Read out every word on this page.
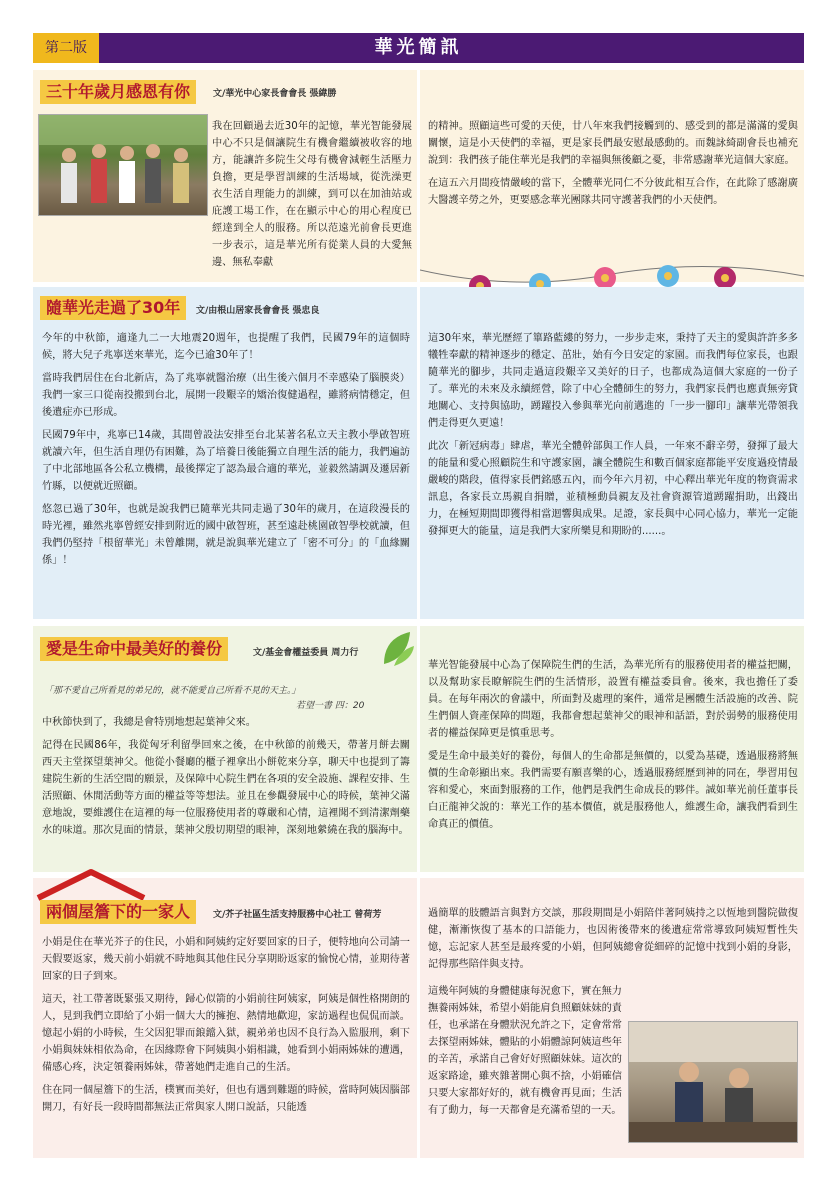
第二版	華光簡訊
三十年歲月感恩有你	文/華光中心家長會會長 張緯勝
我在回顧過去近30年的記憶，華光智能發展中心不只是個讓院生有機會繼續被收容的地方，能讓許多院生父母有機會減輕生活壓力負擔，更是學習訓練的生活場域，從洗澡更衣生活自理能力的訓練，到可以在加油站或庇護工場工作，在在顯示中心的用心程度已經達到全人的服務。所以范遠光前會長更進一步表示，這是華光所有從業人員的大愛無邊、無私奉獻

的精神。照顧這些可愛的天使，廿八年來我們接觸到的、感受到的都是滿滿的愛與關懷，這是小天使們的幸福，更是家長們最安慰最感動的。而魏詠綺副會長也補充說到：我們孩子能住華光是我們的幸福與無後顧之憂，非常感謝華光這個大家庭。

在這五六月間疫情嚴峻的當下，全體華光同仁不分彼此相互合作，在此除了感謝廣大醫護辛勞之外，更要感念華光團隊共同守護著我們的小天使們。

隨華光走過了30年	文/由根山居家長會會長 張忠良

今年的中秋節，適逢九二一大地震20週年，也提醒了我們，民國79年的這個時候，將大兒子兆寧送來華光，迄今已逾30年了！

當時我們居住在台北新店，為了兆寧就醫治療（出生後六個月不幸感染了腦膜炎）我們一家三口從南投搬到台北，展開一段艱辛的矯治復健過程，雖將病情穩定，但後遺症亦已形成。

民國79年中，兆寧已14歲，其間曾設法安排至台北某著名私立天主教小學啟智班就讀六年，但生活自理仍有困難，為了培養日後能獨立自理生活的能力，我們遍訪了中北部地區各公私立機構，最後擇定了認為最合適的華光，並毅然請調及遷居新竹縣，以便就近照顧。

悠忽已過了30年，也就是說我們已隨華光共同走過了30年的歲月，在這段漫長的時光裡，雖然兆寧曾經安排到附近的國中啟智班，甚至遠赴桃園啟智學校就讀，但我們仍堅持「根留華光」未曾離開，就是說與華光建立了「密不可分」的「血緣關係」！

這30年來，華光歷經了篳路藍縷的努力，一步步走來，秉持了天主的愛與許許多多犧牲奉獻的精神逐步的穩定、茁壯，始有今日安定的家園。而我們每位家長，也跟隨華光的腳步，共同走過這段艱辛又美好的日子，也都成為這個大家庭的一份子了。華光的未來及永續經營，除了中心全體師生的努力，我們家長們也應責無旁貸地關心、支持與協助，踴躍投入參與華光向前邁進的「一步一腳印」讓華光帶領我們走得更久更遠！

此次「新冠病毒」肆虐，華光全體幹部與工作人員，一年來不辭辛勞，發揮了最大的能量和愛心照顧院生和守護家園，讓全體院生和數百個家庭都能平安度過疫情最嚴峻的階段，值得家長們銘感五內，而今年六月初，中心釋出華光年度的物資需求訊息，各家長立馬親自捐贈，並積極動員親友及社會資源管道踴躍捐助，出錢出力，在極短期間即獲得相當迴響與成果。足證，家長與中心同心協力，華光一定能發揮更大的能量，這是我們大家所樂見和期盼的......。

愛是生命中最美好的養份	文/基金會權益委員 周力行
「那不愛自己所看見的弟兄的，就不能愛自己所看不見的天主。」
若望一書 四：20

中秋節快到了，我總是會特別地想起葉神父來。

記得在民國86年，我從匈牙利留學回來之後，在中秋節的前幾天，帶著月餅去關西天主堂探望葉神父。他從小餐廳的櫃子裡拿出小餅乾來分享，聊天中也提到了籌建院生新的生活空間的願景，及保障中心院生們在各項的安全設施、課程安排、生活照顧、休閒活動等方面的權益等等想法。並且在參觀發展中心的時候，葉神父滿意地說，要維護住在這裡的每一位服務使用者的尊嚴和心情，這裡聞不到清潔劑藥水的味道。那次見面的情景，葉神父殷切期望的眼神，深刻地縈繞在我的腦海中。

華光智能發展中心為了保障院生們的生活，為華光所有的服務使用者的權益把關，以及幫助家長瞭解院生們的生活情形，設置有權益委員會。後來，我也擔任了委員。在每年兩次的會議中，所面對及處理的案件，通常是團體生活設施的改善、院生們個人資產保障的問題，我都會想起葉神父的眼神和話語，對於弱勢的服務使用者的權益保障更是慎重思考。

愛是生命中最美好的養份，每個人的生命都是無價的，以愛為基礎，透過服務將無價的生命彰顯出來。我們需要有願喜樂的心，透過服務經歷到神的同在，學習用包容和愛心，來面對服務的工作，他們是我們生命成長的夥伴。誠如華光前任董事長白正龍神父說的：華光工作的基本價值，就是服務他人，維護生命，讓我們看到生命真正的價值。

兩個屋簷下的一家人	文/芥子社區生活支持服務中心社工 曾荷芳

小娟是住在華光芥子的住民，小娟和阿姨約定好要回家的日子，便特地向公司請一天假要返家，幾天前小娟就不時地與其他住民分享期盼返家的愉悅心情，並期待著回家的日子到來。

這天，社工帶著既緊張又期待，歸心似箭的小娟前往阿姨家，阿姨是個性格開朗的人，見到我們立即給了小娟一個大大的擁抱、熱情地歡迎，家訪過程也侃侃而談。憶起小娟的小時候，生父因犯罪而鋃鐺入獄，親弟弟也因不良行為入監服刑，剩下小娟與妹妹相依為命，在因緣際會下阿姨與小娟相識，她看到小娟兩姊妹的遭遇，備感心疼，決定領養兩姊妹，帶著她們走進自己的生活。

住在同一個屋簷下的生活，樸實而美好，但也有遇到難題的時候，當時阿姨因腦部開刀，有好長一段時間都無法正常與家人開口說話，只能透

過簡單的肢體語言與對方交談，那段期間是小娟陪伴著阿姨持之以恆地到醫院做復健，漸漸恢復了基本的口語能力，也因術後帶來的後遺症常常導致阿姨短暫性失憶，忘記家人甚至是最疼愛的小娟，但阿姨總會從細碎的記憶中找到小娟的身影，記得那些陪伴與支持。

這幾年阿姨的身體健康每況愈下，實在無力撫養兩姊妹，希望小娟能肩負照顧妹妹的責任，也承諾在身體狀況允許之下，定會常常去探望兩姊妹，體貼的小娟體諒阿姨這些年的辛苦，承諾自己會好好照顧妹妹。這次的返家路途，雖夾雜著開心與不捨，小娟確信只要大家都好好的，就有機會再見面；生活有了動力，每一天都會是充滿希望的一天。
